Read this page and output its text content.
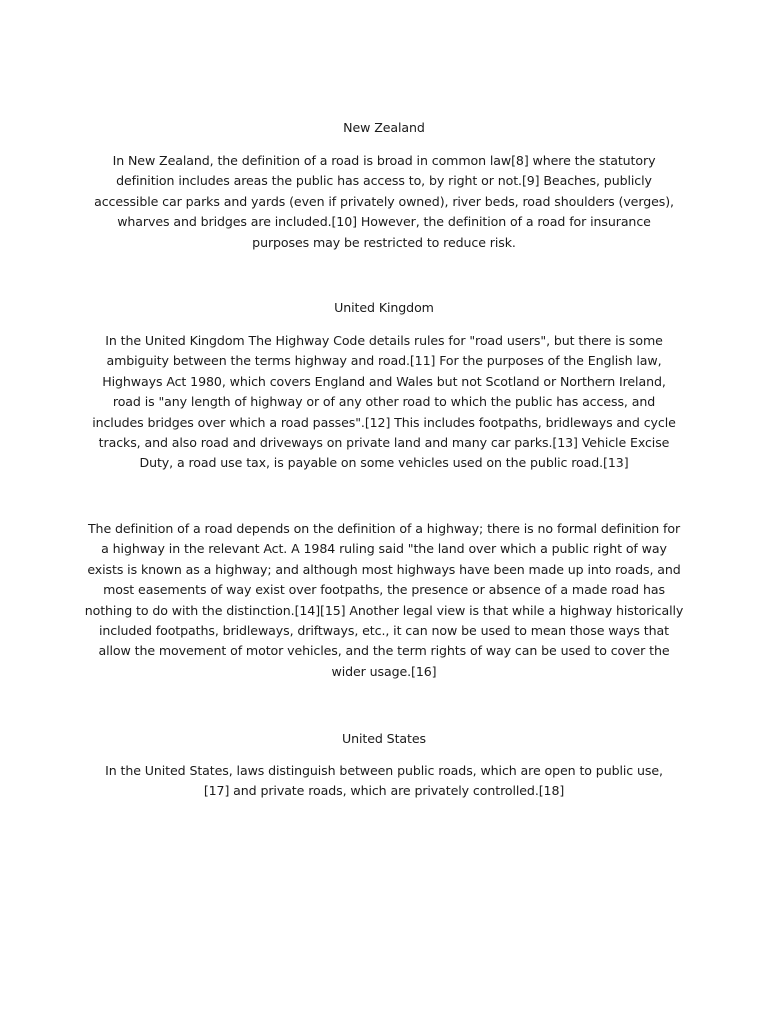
New Zealand
In New Zealand, the definition of a road is broad in common law[8] where the statutory definition includes areas the public has access to, by right or not.[9] Beaches, publicly accessible car parks and yards (even if privately owned), river beds, road shoulders (verges), wharves and bridges are included.[10] However, the definition of a road for insurance purposes may be restricted to reduce risk.
United Kingdom
In the United Kingdom The Highway Code details rules for "road users", but there is some ambiguity between the terms highway and road.[11] For the purposes of the English law, Highways Act 1980, which covers England and Wales but not Scotland or Northern Ireland, road is "any length of highway or of any other road to which the public has access, and includes bridges over which a road passes".[12] This includes footpaths, bridleways and cycle tracks, and also road and driveways on private land and many car parks.[13] Vehicle Excise Duty, a road use tax, is payable on some vehicles used on the public road.[13]
The definition of a road depends on the definition of a highway; there is no formal definition for a highway in the relevant Act. A 1984 ruling said "the land over which a public right of way exists is known as a highway; and although most highways have been made up into roads, and most easements of way exist over footpaths, the presence or absence of a made road has nothing to do with the distinction.[14][15] Another legal view is that while a highway historically included footpaths, bridleways, driftways, etc., it can now be used to mean those ways that allow the movement of motor vehicles, and the term rights of way can be used to cover the wider usage.[16]
United States
In the United States, laws distinguish between public roads, which are open to public use,[17] and private roads, which are privately controlled.[18]
